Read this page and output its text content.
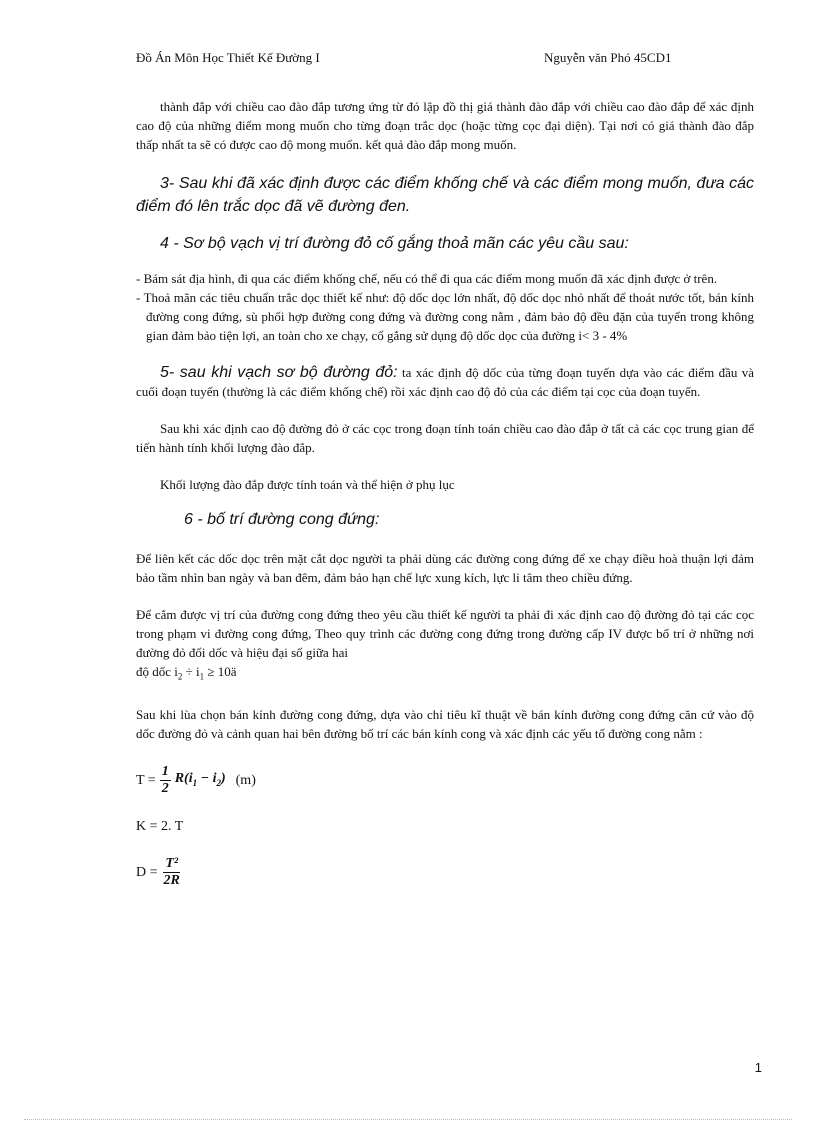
Đồ Án Môn Học Thiết Kế Đường I	Nguyễn văn Phó 45CD1

thành đắp với chiều cao đào đắp tương ứng từ đó lập đồ thị giá thành đào đắp với chiều cao đào đắp để xác định cao độ của những điểm mong muốn cho từng đoạn trắc dọc (hoặc từng cọc đại diện). Tại nơi có giá thành đào đắp thấp nhất ta sẽ có được cao độ mong muốn. kết quả đào đắp mong muốn.

3- Sau khi đã xác định được các điểm khống chế và các điểm mong muốn, đưa các điểm đó lên trắc dọc đã vẽ đường đen.

4 - Sơ bộ vạch vị trí đường đỏ cố gắng thoả mãn các yêu cầu sau:

- Bám sát địa hình, đi qua các điểm khống chế, nếu có thể đi qua các điểm mong muốn đã xác định được ở trên.

- Thoả mãn các tiêu chuẩn trắc dọc thiết kế như: độ dốc dọc lớn nhất, độ dốc dọc nhỏ nhất để thoát nước tốt, bán kính đường cong đứng, sù phối hợp đường cong đứng và đường cong nằm , đảm bảo độ đều đặn của tuyến trong không gian đảm bảo tiện lợi, an toàn cho xe chạy, cố gắng sử dụng độ dốc dọc của đường i< 3 - 4%

5- sau khi vạch sơ bộ đường đỏ: ta xác định độ dốc của từng đoạn tuyến dựa vào các điểm đầu và cuối đoạn tuyến (thường là các điểm khống chế) rồi xác định cao độ đỏ của các điểm tại cọc của đoạn tuyến.

Sau khi xác định cao độ đường đỏ ở các cọc trong đoạn tính toán chiều cao đào đắp ở tất cả các cọc trung gian để tiến hành tính khối lượng đào đắp.

Khối lượng đào đắp được tính toán và thể hiện ở phụ lục

6 - bố trí đường cong đứng:

Để liên kết các dốc dọc trên mặt cắt dọc người ta phải dùng các đường cong đứng để xe chạy điều hoà thuận lợi đảm bảo tầm nhìn ban ngày và ban đêm, đảm bảo hạn chế lực xung kích, lực li tâm theo chiều đứng.

Để cắm được vị trí của đường cong đứng theo yêu cầu thiết kế người ta phải đi xác định cao độ đường đỏ tại các cọc trong phạm vi đường cong đứng, Theo quy trình các đường cong đứng trong đường cấp IV được bố trí ở những nơi đường đỏ đổi dốc và hiệu đại số giữa hai
độ dốc $i_2 \div i_1$ ≥ 10ä

Sau khi lùa chọn bán kính đường cong đứng, dựa vào chỉ tiêu kĩ thuật về bán kính đường cong đứng căn cứ vào độ dốc đường đỏ và cảnh quan hai bên đường bố trí các bán kính cong và xác định các yếu tố đường cong nằm :

$T = \frac{1}{2} R(i_1 - i_2)$ (m)
K = 2. T
$D = \frac{\text{T²}}{2R}$
1
